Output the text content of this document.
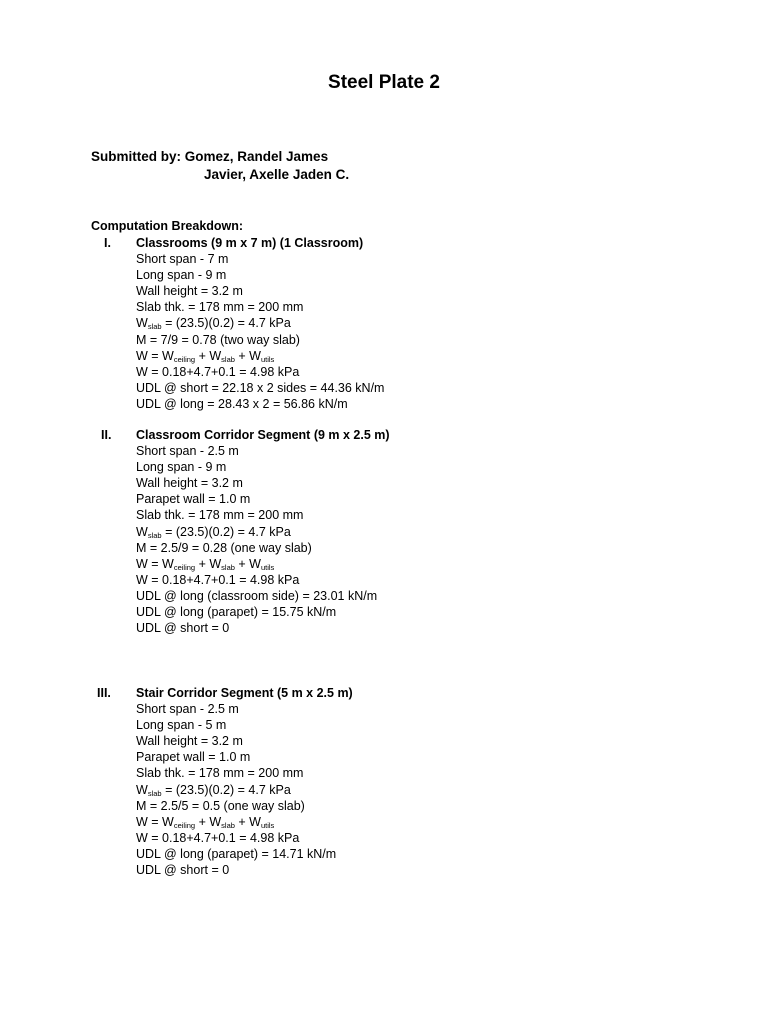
Steel Plate 2
Submitted by: Gomez, Randel James
Javier, Axelle Jaden C.
Computation Breakdown:
I. Classrooms (9 m x 7 m) (1 Classroom)
Short span - 7 m
Long span - 9 m
Wall height = 3.2 m
Slab thk. = 178 mm = 200 mm
$W_{slab} = (23.5)(0.2) = 4.7$ kPa
M = 7/9 = 0.78 (two way slab)
$W = W_{ceiling} + W_{slab} + W_{utils}$
W = 0.18+4.7+0.1 = 4.98 kPa
UDL @ short = 22.18 x 2 sides = 44.36 kN/m
UDL @ long = 28.43 x 2 = 56.86 kN/m
II. Classroom Corridor Segment (9 m x 2.5 m)
Short span - 2.5 m
Long span - 9 m
Wall height = 3.2 m
Parapet wall = 1.0 m
Slab thk. = 178 mm = 200 mm
$W_{slab} = (23.5)(0.2) = 4.7$ kPa
M = 2.5/9 = 0.28 (one way slab)
$W = W_{ceiling} + W_{slab} + W_{utils}$
W = 0.18+4.7+0.1 = 4.98 kPa
UDL @ long (classroom side) = 23.01 kN/m
UDL @ long (parapet) = 15.75 kN/m
UDL @ short = 0
III. Stair Corridor Segment (5 m x 2.5 m)
Short span - 2.5 m
Long span - 5 m
Wall height = 3.2 m
Parapet wall = 1.0 m
Slab thk. = 178 mm = 200 mm
$W_{slab} = (23.5)(0.2) = 4.7$ kPa
M = 2.5/5 = 0.5 (one way slab)
$W = W_{ceiling} + W_{slab} + W_{utils}$
W = 0.18+4.7+0.1 = 4.98 kPa
UDL @ long (parapet) = 14.71 kN/m
UDL @ short = 0
